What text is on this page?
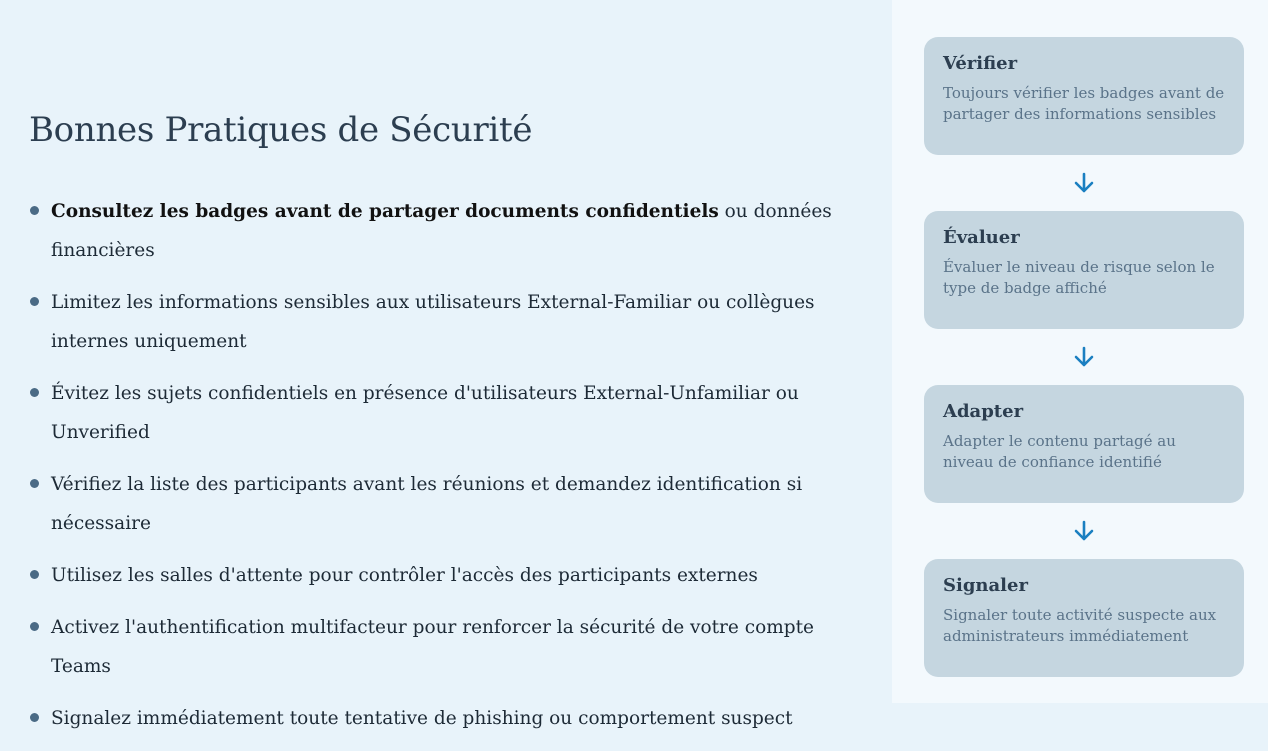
Bonnes Pratiques de Sécurité
Consultez les badges avant de partager documents confidentiels ou données financières
Limitez les informations sensibles aux utilisateurs External-Familiar ou collègues internes uniquement
Évitez les sujets confidentiels en présence d'utilisateurs External-Unfamiliar ou Unverified
Vérifiez la liste des participants avant les réunions et demandez identification si nécessaire
Utilisez les salles d'attente pour contrôler l'accès des participants externes
Activez l'authentification multifacteur pour renforcer la sécurité de votre compte Teams
Signalez immédiatement toute tentative de phishing ou comportement suspect
Vérifier

Toujours vérifier les badges avant de partager des informations sensibles

Évaluer

Évaluer le niveau de risque selon le type de badge affiché

Adapter

Adapter le contenu partagé au niveau de confiance identifié

Signaler

Signaler toute activité suspecte aux administrateurs immédiatement
